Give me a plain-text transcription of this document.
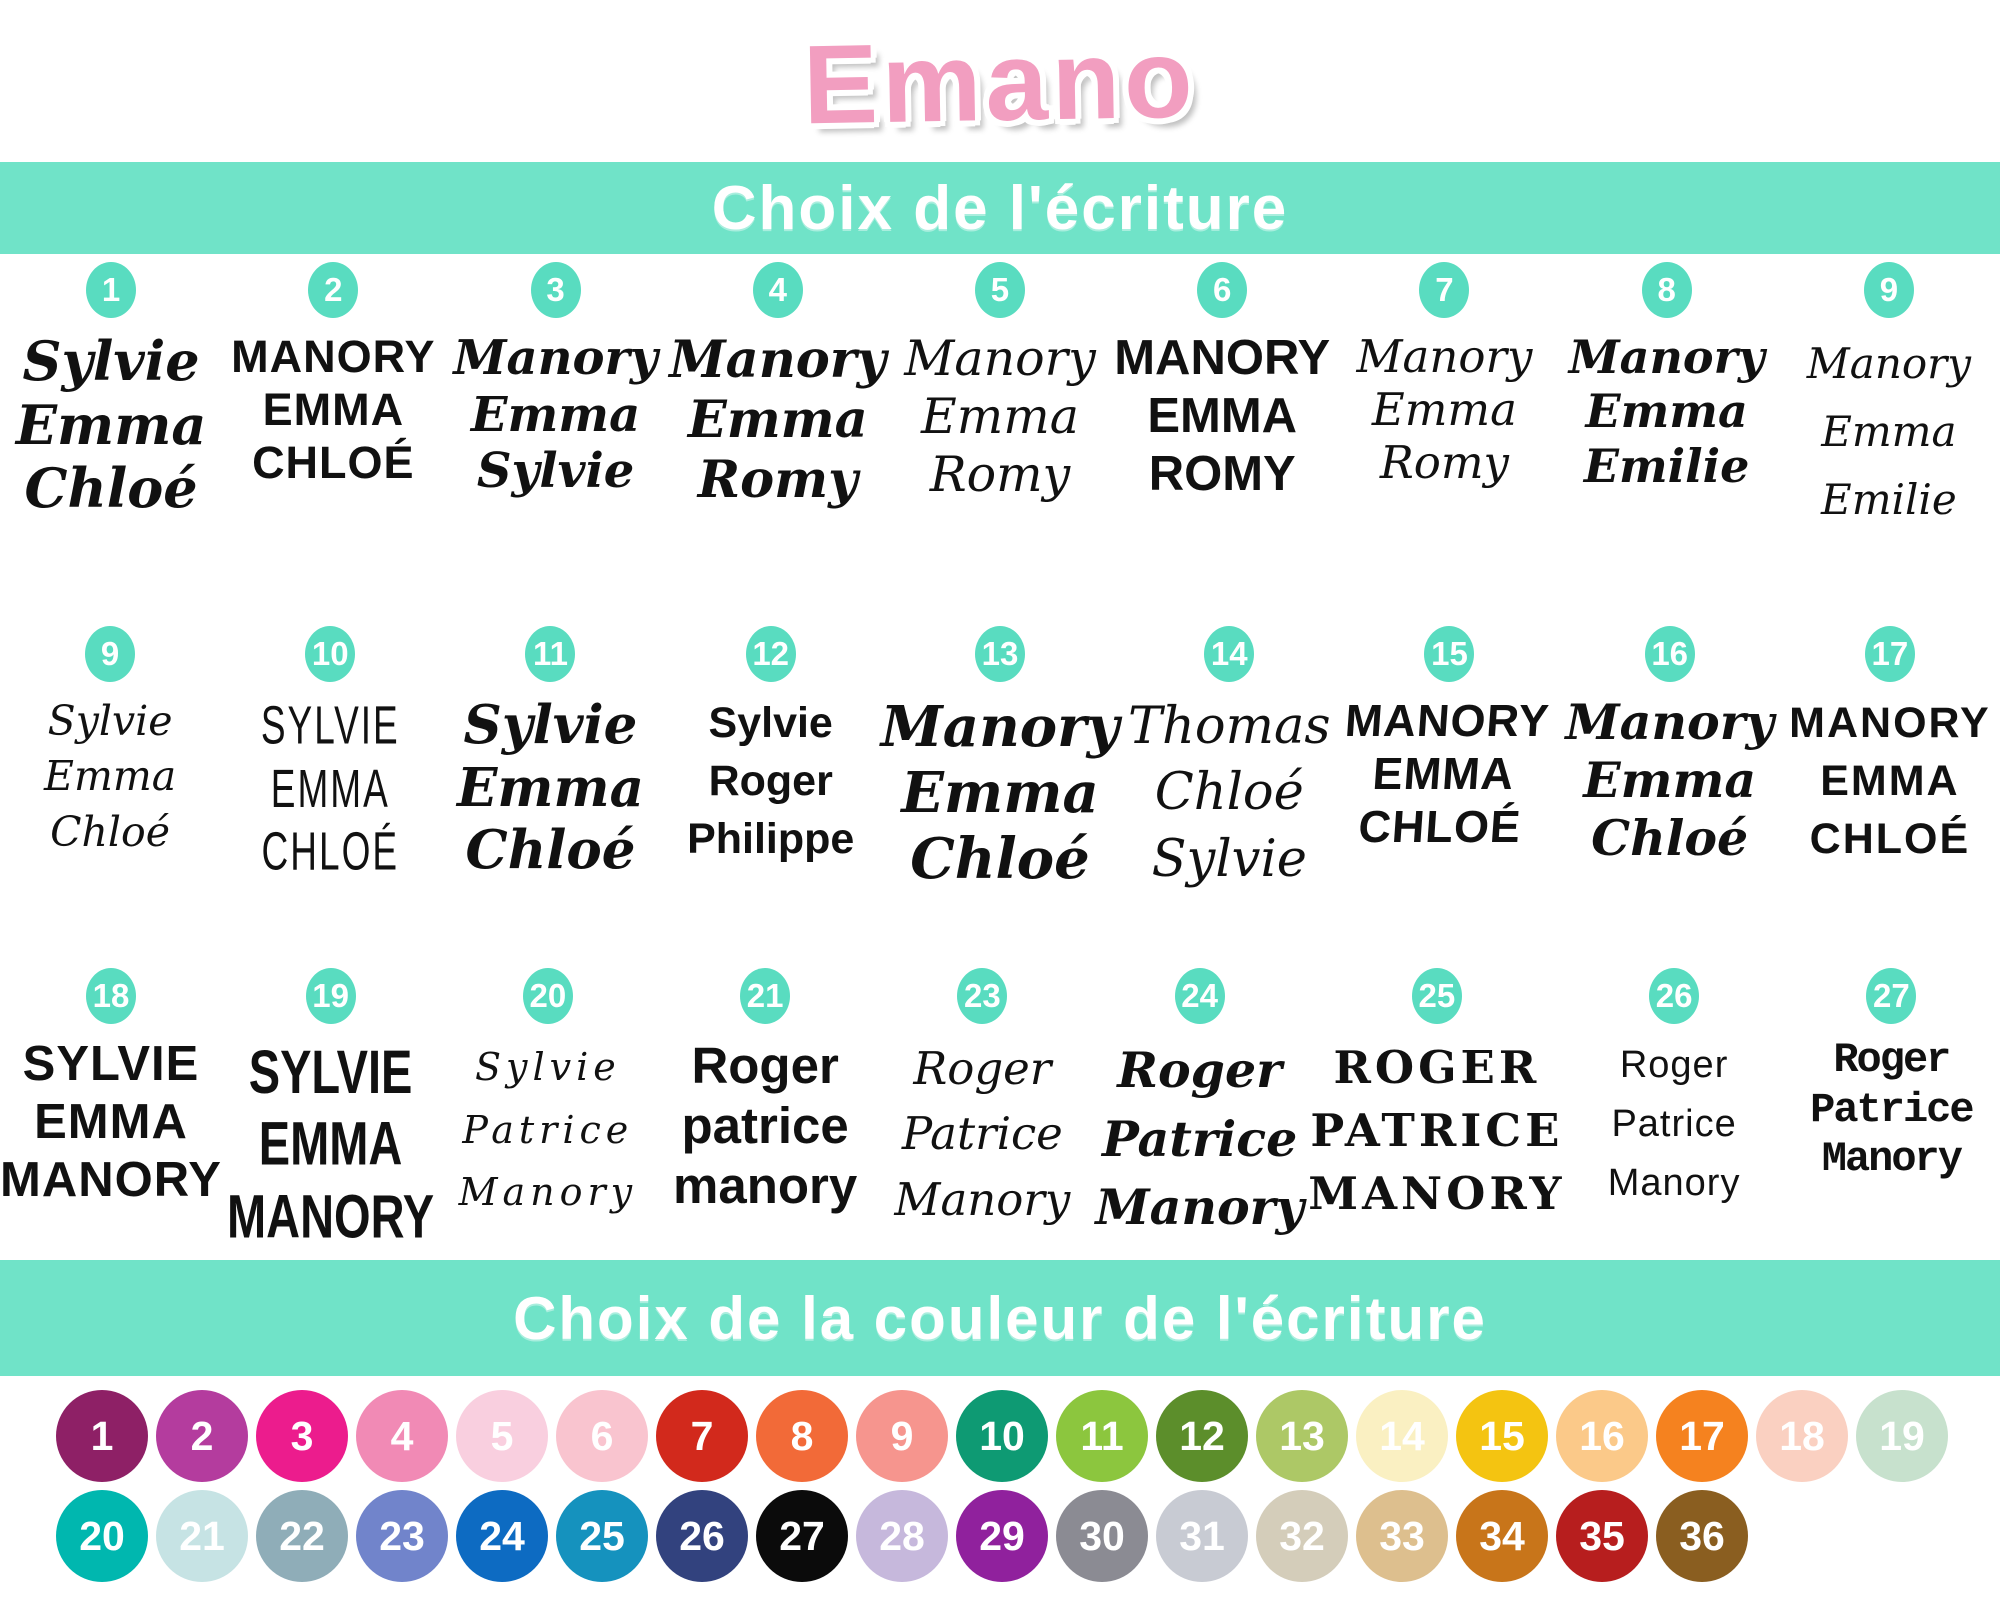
Emano
Choix de l'écriture
1
Sylvie
Emma
Chloé
2
MANORY
EMMA
CHLOÉ
3
Manory
Emma
Sylvie
4
Manory
Emma
Romy
5
Manory
Emma
Romy
6
MANORY
EMMA
ROMY
7
Manory
Emma
Romy
8
Manory
Emma
Emilie
9
Manory
Emma
Emilie
9
Sylvie
Emma
Chloé
10
SYLVIE
EMMA
CHLOÉ
11
Sylvie
Emma
Chloé
12
Sylvie
Roger
Philippe
13
Manory
Emma
Chloé
14
Thomas
Chloé
Sylvie
15
MANORY
EMMA
CHLOÉ
16
Manory
Emma
Chloé
17
MANORY
EMMA
CHLOÉ
18
SYLVIE
EMMA
MANORY
19
SYLVIE
EMMA
MANORY
20
Sylvie
Patrice
Manory
21
Roger
patrice
manory
23
Roger
Patrice
Manory
24
Roger
Patrice
Manory
25
ROGER
PATRICE
MANORY
26
Roger
Patrice
Manory
27
Roger
Patrice
Manory
Choix de la couleur de l'écriture
1	2	3	4	5	6	7	8	9	10	11	12	13	14	15	16	17	18	19
20	21	22	23	24	25	26	27	28	29	30	31	32	33	34	35	36
